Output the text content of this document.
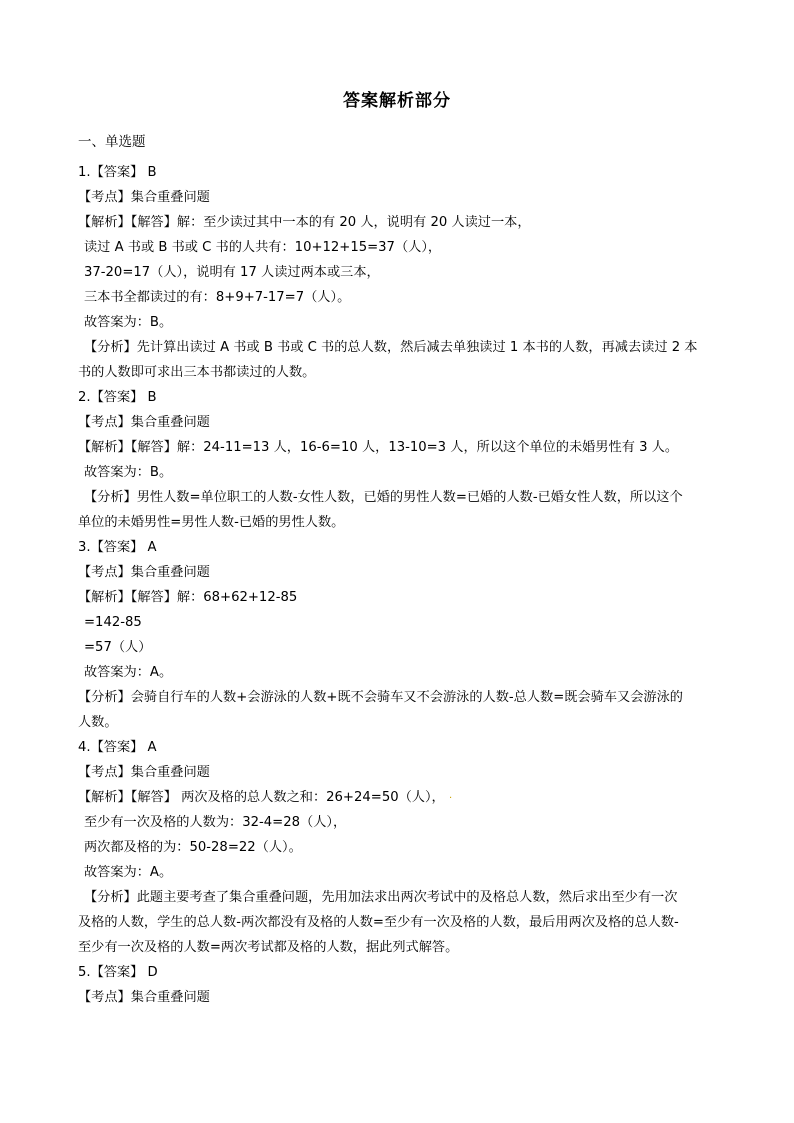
答案解析部分
一、单选题
1.【答案】 B
【考点】集合重叠问题
【解析】【解答】解：至少读过其中一本的有 20 人，说明有 20 人读过一本，
读过 A 书或 B 书或 C 书的人共有：10+12+15=37（人），
37-20=17（人），说明有 17 人读过两本或三本，
三本书全都读过的有：8+9+7-17=7（人）。
故答案为：B。
【分析】先计算出读过 A 书或 B 书或 C 书的总人数，然后减去单独读过 1 本书的人数，再减去读过 2 本
书的人数即可求出三本书都读过的人数。
2.【答案】 B
【考点】集合重叠问题
【解析】【解答】解：24-11=13 人，16-6=10 人，13-10=3 人，所以这个单位的未婚男性有 3 人。
故答案为：B。
【分析】男性人数=单位职工的人数-女性人数，已婚的男性人数=已婚的人数-已婚女性人数，所以这个
单位的未婚男性=男性人数-已婚的男性人数。
3.【答案】 A
【考点】集合重叠问题
【解析】【解答】解：68+62+12-85
=142-85
=57（人）
故答案为：A。
【分析】会骑自行车的人数+会游泳的人数+既不会骑车又不会游泳的人数-总人数=既会骑车又会游泳的
人数。
4.【答案】 A
【考点】集合重叠问题
【解析】【解答】 两次及格的总人数之和：26+24=50（人）， ·
至少有一次及格的人数为：32-4=28（人），
两次都及格的为：50-28=22（人）。
故答案为：A。
【分析】此题主要考查了集合重叠问题，先用加法求出两次考试中的及格总人数，然后求出至少有一次
及格的人数，学生的总人数-两次都没有及格的人数=至少有一次及格的人数，最后用两次及格的总人数-
至少有一次及格的人数=两次考试都及格的人数，据此列式解答。
5.【答案】 D
【考点】集合重叠问题
